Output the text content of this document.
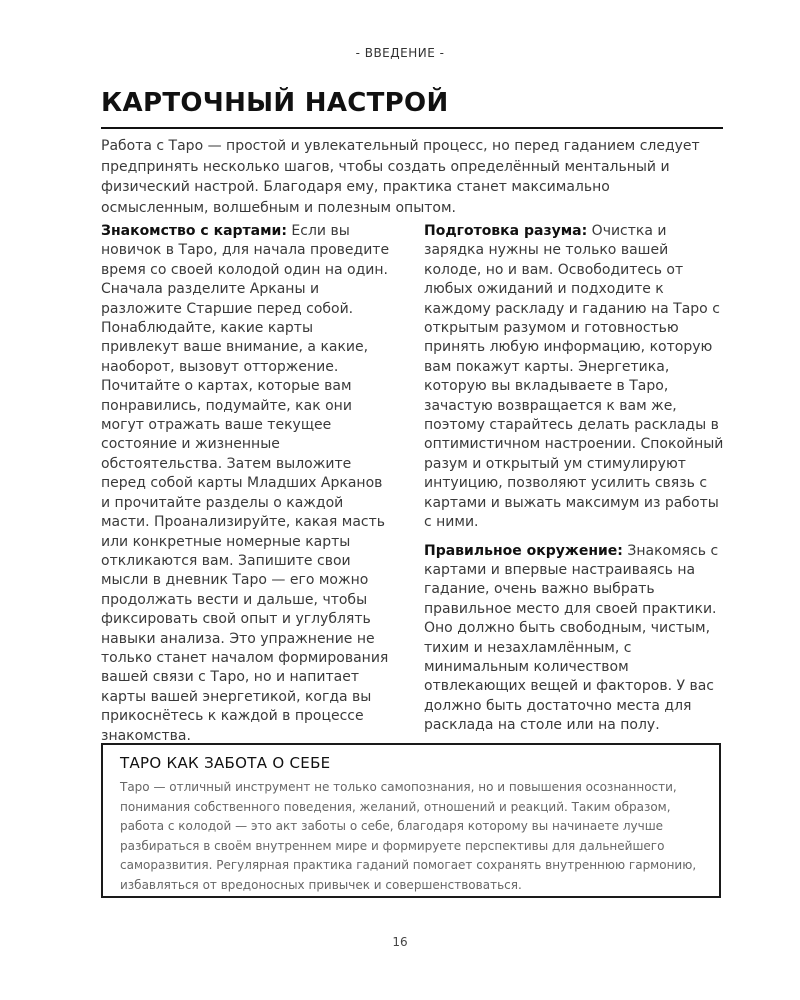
- ВВЕДЕНИЕ -
КАРТОЧНЫЙ НАСТРОЙ

Работа с Таро — простой и увлекательный процесс, но перед гаданием следует предпринять несколько шагов, чтобы создать определённый ментальный и физический настрой. Благодаря ему, практика станет максимально осмысленным, волшебным и полезным опытом.

Знакомство с картами: Если вы новичок в Таро, для начала проведите время со своей колодой один на один. Сначала разделите Арканы и разложите Старшие перед собой. Понаблюдайте, какие карты привлекут ваше внимание, а какие, наоборот, вызовут отторжение. Почитайте о картах, которые вам понравились, подумайте, как они могут отражать ваше текущее состояние и жизненные обстоятельства. Затем выложите перед собой карты Младших Арканов и прочитайте разделы о каждой масти. Проанализируйте, какая масть или конкретные номерные карты откликаются вам. Запишите свои мысли в дневник Таро — его можно продолжать вести и дальше, чтобы фиксировать свой опыт и углублять навыки анализа. Это упражнение не только станет началом формирования вашей связи с Таро, но и напитает карты вашей энергетикой, когда вы прикоснётесь к каждой в процессе знакомства.

Подготовка разума: Очистка и зарядка нужны не только вашей колоде, но и вам. Освободитесь от любых ожиданий и подходите к каждому раскладу и гаданию на Таро с открытым разумом и готовностью принять любую информацию, которую вам покажут карты. Энергетика, которую вы вкладываете в Таро, зачастую возвращается к вам же, поэтому старайтесь делать расклады в оптимистичном настроении. Спокойный разум и открытый ум стимулируют интуицию, позволяют усилить связь с картами и выжать максимум из работы с ними.

Правильное окружение: Знакомясь с картами и впервые настраиваясь на гадание, очень важно выбрать правильное место для своей практики. Оно должно быть свободным, чистым, тихим и незахламлённым, с минимальным количеством отвлекающих вещей и факторов. У вас должно быть достаточно места для расклада на столе или на полу.

ТАРО КАК ЗАБОТА О СЕБЕ

Таро — отличный инструмент не только самопознания, но и повышения осознанности, понимания собственного поведения, желаний, отношений и реакций. Таким образом, работа с колодой — это акт заботы о себе, благодаря которому вы начинаете лучше разбираться в своём внутреннем мире и формируете перспективы для дальнейшего саморазвития. Регулярная практика гаданий помогает сохранять внутреннюю гармонию, избавляться от вредоносных привычек и совершенствоваться.

16
